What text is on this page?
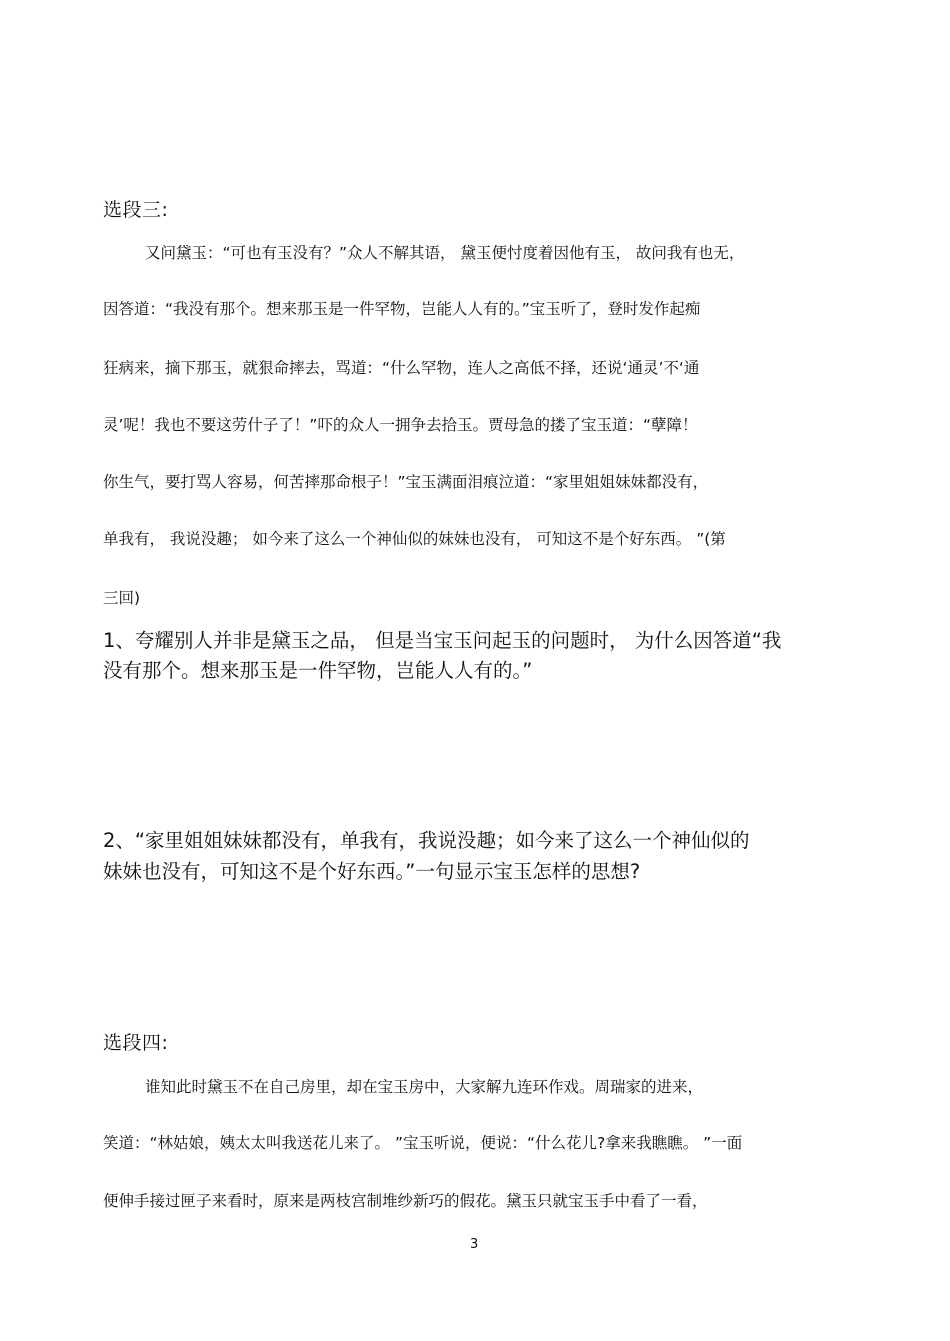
选段三:
又问黛玉：“可也有玉没有？”众人不解其语， 黛玉便忖度着因他有玉， 故问我有也无，
因答道：“我没有那个。想来那玉是一件罕物，岂能人人有的。”宝玉听了，登时发作起痴
狂病来，摘下那玉，就狠命摔去，骂道：“什么罕物，连人之高低不择，还说‘通灵’不‘通
灵’呢！我也不要这劳什子了！”吓的众人一拥争去拾玉。贾母急的搂了宝玉道：“孽障！
你生气，要打骂人容易，何苦摔那命根子！”宝玉满面泪痕泣道：“家里姐姐妹妹都没有，
单我有， 我说没趣； 如今来了这么一个神仙似的妹妹也没有， 可知这不是个好东西。 ”(第
三回)
1、夸耀别人并非是黛玉之品， 但是当宝玉问起玉的问题时， 为什么因答道“我
没有那个。想来那玉是一件罕物，岂能人人有的。”
2、“家里姐姐妹妹都没有，单我有，我说没趣；如今来了这么一个神仙似的
妹妹也没有，可知这不是个好东西。”一句显示宝玉怎样的思想?
选段四:
谁知此时黛玉不在自己房里，却在宝玉房中，大家解九连环作戏。周瑞家的进来，
笑道：“林姑娘，姨太太叫我送花儿来了。 ”宝玉听说，便说：“什么花儿?拿来我瞧瞧。 ”一面
便伸手接过匣子来看时，原来是两枝宫制堆纱新巧的假花。黛玉只就宝玉手中看了一看，
3
